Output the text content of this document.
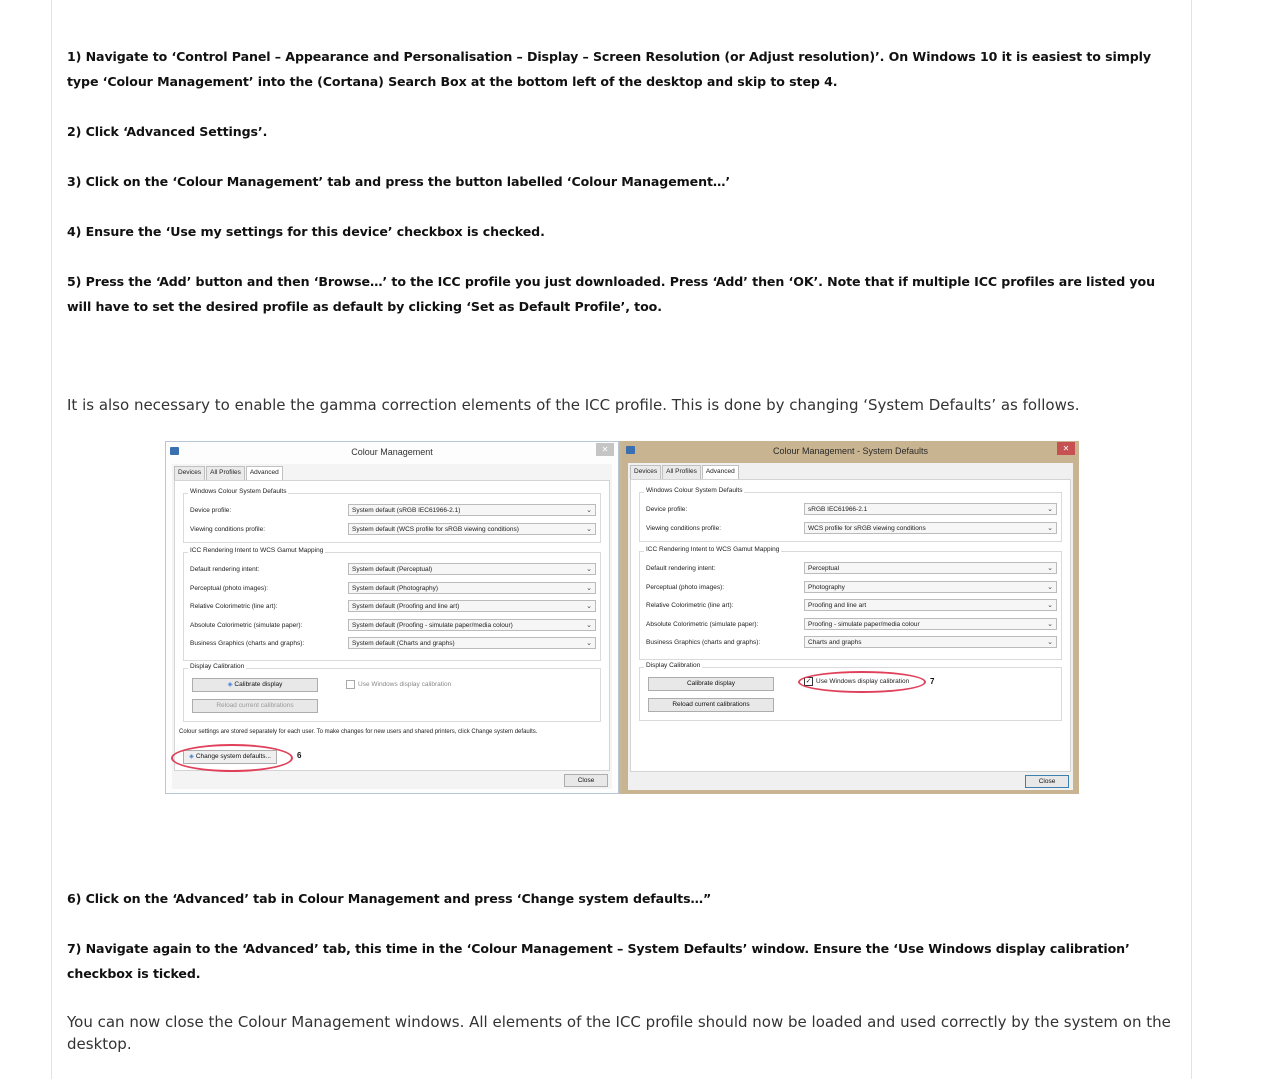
1) Navigate to ‘Control Panel – Appearance and Personalisation – Display – Screen Resolution (or Adjust resolution)’. On Windows 10 it is easiest to simply type ‘Colour Management’ into the (Cortana) Search Box at the bottom left of the desktop and skip to step 4.
2) Click ‘Advanced Settings’.
3) Click on the ‘Colour Management’ tab and press the button labelled ‘Colour Management…’
4) Ensure the ‘Use my settings for this device’ checkbox is checked.
5) Press the ‘Add’ button and then ‘Browse…’ to the ICC profile you just downloaded. Press ‘Add’ then ‘OK’. Note that if multiple ICC profiles are listed you will have to set the desired profile as default by clicking ‘Set as Default Profile’, too.
It is also necessary to enable the gamma correction elements of the ICC profile. This is done by changing ‘System Defaults’ as follows.
Colour Management	✕
Devices	All Profiles	Advanced
Windows Colour System Defaults
Device profile:	System default (sRGB IEC61966-2.1)	⌄
Viewing conditions profile:	System default (WCS profile for sRGB viewing conditions)	⌄
ICC Rendering Intent to WCS Gamut Mapping
Default rendering intent:	System default (Perceptual)	⌄
Perceptual (photo images):	System default (Photography)	⌄
Relative Colorimetric (line art):	System default (Proofing and line art)	⌄
Absolute Colorimetric (simulate paper):	System default (Proofing - simulate paper/media colour)	⌄
Business Graphics (charts and graphs):	System default (Charts and graphs)	⌄
Display Calibration
◈ Calibrate display
Reload current calibrations
Use Windows display calibration
Colour settings are stored separately for each user. To make changes for new users and shared printers, click Change system defaults.
◈ Change system defaults...	6
Close
Colour Management - System Defaults	✕
Devices	All Profiles	Advanced
Windows Colour System Defaults
Device profile:	sRGB IEC61966-2.1	⌄
Viewing conditions profile:	WCS profile for sRGB viewing conditions	⌄
ICC Rendering Intent to WCS Gamut Mapping
Default rendering intent:	Perceptual	⌄
Perceptual (photo images):	Photography	⌄
Relative Colorimetric (line art):	Proofing and line art	⌄
Absolute Colorimetric (simulate paper):	Proofing - simulate paper/media colour	⌄
Business Graphics (charts and graphs):	Charts and graphs	⌄
Display Calibration
Calibrate display
Reload current calibrations
✓ Use Windows display calibration	7
Close
6) Click on the ‘Advanced’ tab in Colour Management and press ‘Change system defaults…”
7) Navigate again to the ‘Advanced’ tab, this time in the ‘Colour Management – System Defaults’ window. Ensure the ‘Use Windows display calibration’ checkbox is ticked.
You can now close the Colour Management windows. All elements of the ICC profile should now be loaded and used correctly by the system on the desktop.
